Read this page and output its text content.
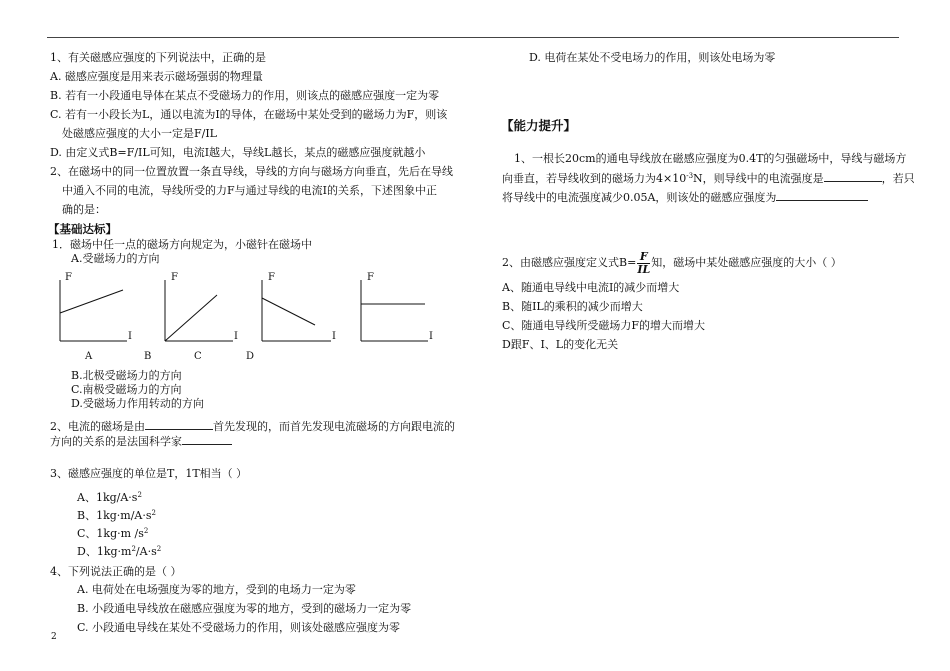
1、有关磁感应强度的下列说法中，正确的是
A. 磁感应强度是用来表示磁场强弱的物理量
B. 若有一小段通电导体在某点不受磁场力的作用，则该点的磁感应强度一定为零
C. 若有一小段长为L，通以电流为I的导体，在磁场中某处受到的磁场力为F，则该
处磁感应强度的大小一定是F/IL
D. 由定义式B=F/IL可知，电流I越大，导线L越长，某点的磁感应强度就越小
2、在磁场中的同一位置放置一条直导线，导线的方向与磁场方向垂直，先后在导线
中通入不同的电流，导线所受的力F与通过导线的电流I的关系，下述图象中正
确的是：
【基础达标】
1．磁场中任一点的磁场方向规定为，小磁针在磁场中
A.受磁场力的方向
F
I
F
I
F
I
F
I
A	B	C	D
B.北极受磁场力的方向
C.南极受磁场力的方向
D.受磁场力作用转动的方向
2、电流的磁场是由	首先发现的，而首先发现电流磁场的方向跟电流的
方向的关系的是法国科学家
3、磁感应强度的单位是T，1T相当（ ）
A、$1kg/A\cdot s^2$
B、$1kg\cdot m/A\cdot s^2$
C、1kg·m $/s^2$
D、$1kg\cdot m^2/A\cdot s^2$
4、下列说法正确的是（ ）
A. 电荷处在电场强度为零的地方，受到的电场力一定为零
B. 小段通电导线放在磁感应强度为零的地方，受到的磁场力一定为零
C. 小段通电导线在某处不受磁场力的作用，则该处磁感应强度为零
2
D. 电荷在某处不受电场力的作用，则该处电场为零
【能力提升】
1、一根长20cm的通电导线放在磁感应强度为0.4T的匀强磁场中，导线与磁场方
向垂直，若导线收到的磁场力为$4\times 10^{-3}N$，则导线中的电流强度是	，若只
将导线中的电流强度减少0.05A，则该处的磁感应强度为
2、由磁感应强度定义式$B= \frac{F}{IL}$ 知，磁场中某处磁感应强度的大小（ ）
A、随通电导线中电流I的减少而增大
B、随IL的乘积的减少而增大
C、随通电导线所受磁场力F的增大而增大
D跟F、I、L的变化无关
